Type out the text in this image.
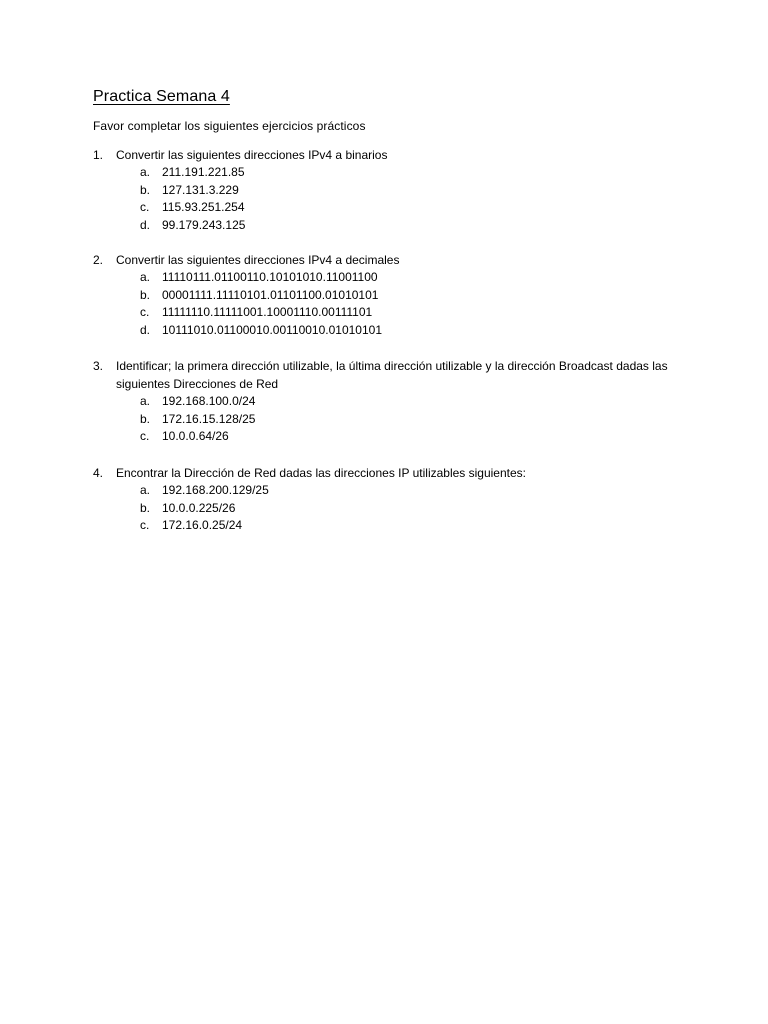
Practica Semana 4
Favor completar los siguientes ejercicios prácticos
1.	Convertir las siguientes direcciones IPv4 a binarios
a. 211.191.221.85
b. 127.131.3.229
c.	115.93.251.254
d. 99.179.243.125
2.	Convertir las siguientes direcciones IPv4 a decimales
a. 11110111.01100110.10101010.11001100
b. 00001111.11110101.01101100.01010101
c.	11111110.11111001.10001110.00111101
d. 10111010.01100010.00110010.01010101
3.	Identificar; la primera dirección utilizable, la última dirección utilizable y la dirección Broadcast dadas las siguientes Direcciones de Red
a. 192.168.100.0/24
b. 172.16.15.128/25
c.	10.0.0.64/26
4.	Encontrar la Dirección de Red dadas las direcciones IP utilizables siguientes:
a. 192.168.200.129/25
b. 10.0.0.225/26
c.	172.16.0.25/24
